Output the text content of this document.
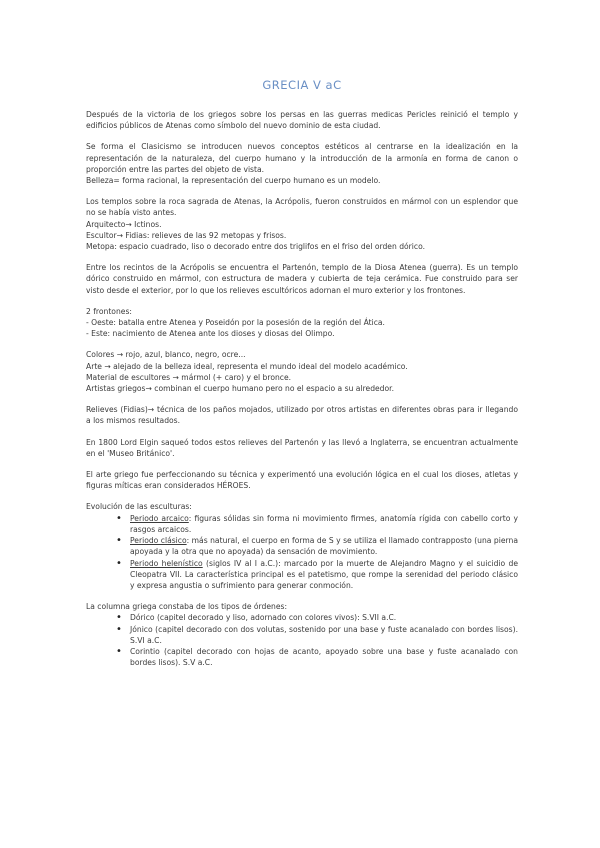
GRECIA V aC

Después de la victoria de los griegos sobre los persas en las guerras medicas Pericles reinició el templo y edificios públicos de Atenas como símbolo del nuevo dominio de esta ciudad.

Se forma el Clasicismo se introducen nuevos conceptos estéticos al centrarse en la idealización en la representación de la naturaleza, del cuerpo humano y la introducción de la armonía en forma de canon o proporción entre las partes del objeto de vista.

Belleza= forma racional, la representación del cuerpo humano es un modelo.

Los templos sobre la roca sagrada de Atenas, la Acrópolis, fueron construidos en mármol con un esplendor que no se había visto antes.

Arquitecto→ Ictinos.

Escultor→ Fidias: relieves de las 92 metopas y frisos.

Metopa: espacio cuadrado, liso o decorado entre dos triglifos en el friso del orden dórico.

Entre los recintos de la Acrópolis se encuentra el Partenón, templo de la Diosa Atenea (guerra). Es un templo dórico construido en mármol, con estructura de madera y cubierta de teja cerámica. Fue construido para ser visto desde el exterior, por lo que los relieves escultóricos adornan el muro exterior y los frontones.

2 frontones:

- Oeste: batalla entre Atenea y Poseidón por la posesión de la región del Ática.

- Este: nacimiento de Atenea ante los dioses y diosas del Olimpo.

Colores → rojo, azul, blanco, negro, ocre...

Arte → alejado de la belleza ideal, representa el mundo ideal del modelo académico.

Material de escultores → mármol (+ caro) y el bronce.

Artistas griegos→ combinan el cuerpo humano pero no el espacio a su alrededor.

Relieves (Fidias)→ técnica de los paños mojados, utilizado por otros artistas en diferentes obras para ir llegando a los mismos resultados.

En 1800 Lord Elgin saqueó todos estos relieves del Partenón y las llevó a Inglaterra, se encuentran actualmente en el 'Museo Británico'.

El arte griego fue perfeccionando su técnica y experimentó una evolución lógica en el cual los dioses, atletas y figuras míticas eran considerados HÉROES.

Evolución de las esculturas:

• Periodo arcaico: figuras sólidas sin forma ni movimiento firmes, anatomía rígida con cabello corto y rasgos arcaicos.
• Periodo clásico: más natural, el cuerpo en forma de S y se utiliza el llamado contrapposto (una pierna apoyada y la otra que no apoyada) da sensación de movimiento.
• Periodo helenístico (siglos IV al I a.C.): marcado por la muerte de Alejandro Magno y el suicidio de Cleopatra VII. La característica principal es el patetismo, que rompe la serenidad del periodo clásico y expresa angustia o sufrimiento para generar conmoción.

La columna griega constaba de los tipos de órdenes:

• Dórico (capitel decorado y liso, adornado con colores vivos): S.VII a.C.
• Jónico (capitel decorado con dos volutas, sostenido por una base y fuste acanalado con bordes lisos). S.VI a.C.
• Corintio (capitel decorado con hojas de acanto, apoyado sobre una base y fuste acanalado con bordes lisos). S.V a.C.
